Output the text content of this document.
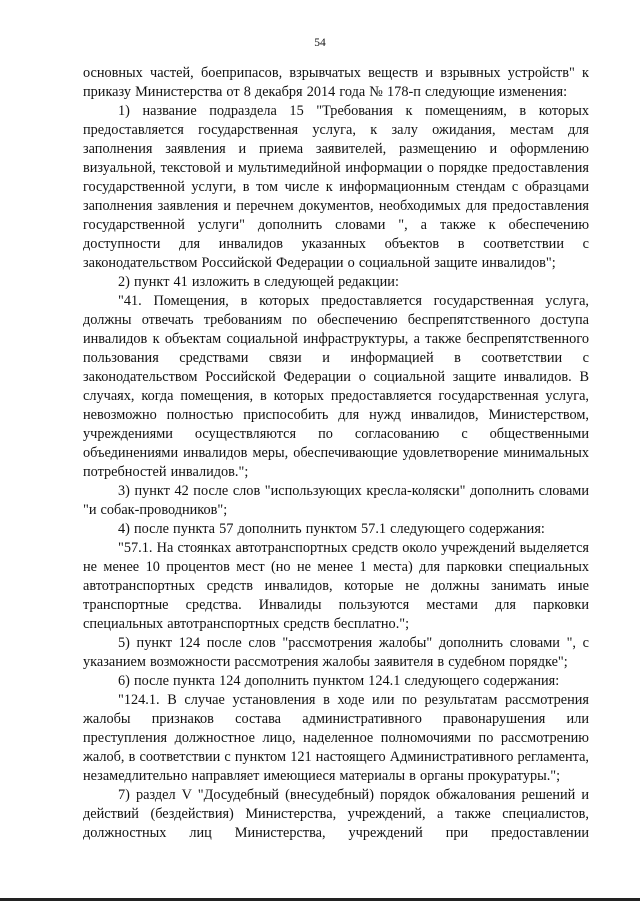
54

основных частей, боеприпасов, взрывчатых веществ и взрывных устройств" к приказу Министерства от 8 декабря 2014 года № 178-п следующие изменения:

1) название подраздела 15 "Требования к помещениям, в которых предоставляется государственная услуга, к залу ожидания, местам для заполнения заявления и приема заявителей, размещению и оформлению визуальной, текстовой и мультимедийной информации о порядке предоставления государственной услуги, в том числе к информационным стендам с образцами заполнения заявления и перечнем документов, необходимых для предоставления государственной услуги" дополнить словами ", а также к обеспечению доступности для инвалидов указанных объектов в соответствии с законодательством Российской Федерации о социальной защите инвалидов";

2) пункт 41 изложить в следующей редакции:

"41. Помещения, в которых предоставляется государственная услуга, должны отвечать требованиям по обеспечению беспрепятственного доступа инвалидов к объектам социальной инфраструктуры, а также беспрепятственного пользования средствами связи и информацией в соответствии с законодательством Российской Федерации о социальной защите инвалидов. В случаях, когда помещения, в которых предоставляется государственная услуга, невозможно полностью приспособить для нужд инвалидов, Министерством, учреждениями осуществляются по согласованию с общественными объединениями инвалидов меры, обеспечивающие удовлетворение минимальных потребностей инвалидов.";

3) пункт 42 после слов "использующих кресла-коляски" дополнить словами "и собак-проводников";

4) после пункта 57 дополнить пунктом 57.1 следующего содержания:

"57.1. На стоянках автотранспортных средств около учреждений выделяется не менее 10 процентов мест (но не менее 1 места) для парковки специальных автотранспортных средств инвалидов, которые не должны занимать иные транспортные средства. Инвалиды пользуются местами для парковки специальных автотранспортных средств бесплатно.";

5) пункт 124 после слов "рассмотрения жалобы" дополнить словами ", с указанием возможности рассмотрения жалобы заявителя в судебном порядке";

6) после пункта 124 дополнить пунктом 124.1 следующего содержания:

"124.1. В случае установления в ходе или по результатам рассмотрения жалобы признаков состава административного правонарушения или преступления должностное лицо, наделенное полномочиями по рассмотрению жалоб, в соответствии с пунктом 121 настоящего Административного регламента, незамедлительно направляет имеющиеся материалы в органы прокуратуры.";

7) раздел V "Досудебный (внесудебный) порядок обжалования решений и действий (бездействия) Министерства, учреждений, а также специалистов, должностных лиц Министерства, учреждений при предоставлении
